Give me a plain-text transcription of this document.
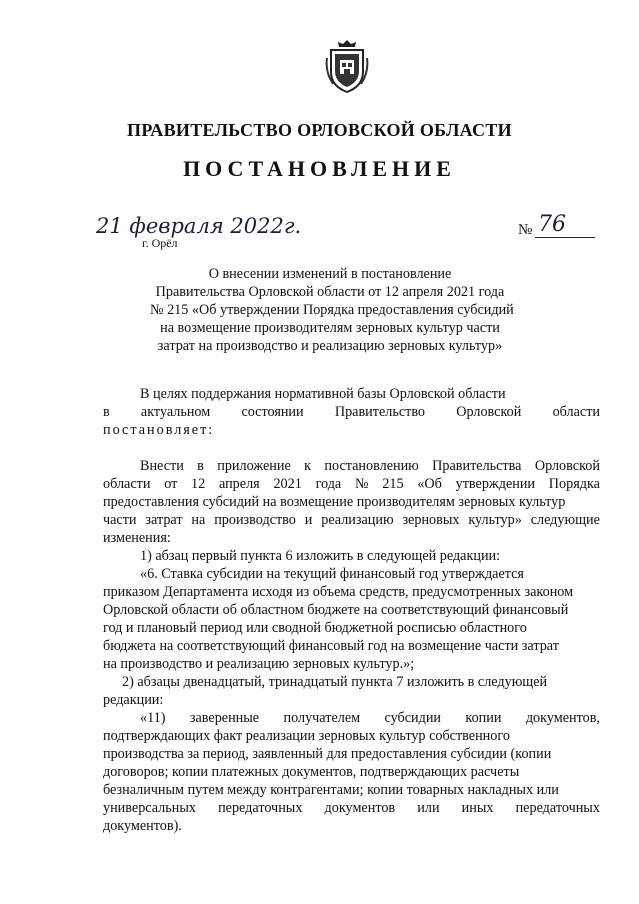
ПРАВИТЕЛЬСТВО ОРЛОВСКОЙ ОБЛАСТИ
ПОСТАНОВЛЕНИЕ
21 февраля 2022г.
г. Орёл
№ 76
О внесении изменений в постановление
Правительства Орловской области от 12 апреля 2021 года
№ 215 «Об утверждении Порядка предоставления субсидий
на возмещение производителям зерновых культур части
затрат на производство и реализацию зерновых культур»
В целях поддержания нормативной базы Орловской области
в актуальном состоянии Правительство Орловской области
постановляет:
Внести в приложение к постановлению Правительства Орловской
области от 12 апреля 2021 года № 215 «Об утверждении Порядка
предоставления субсидий на возмещение производителям зерновых культур
части затрат на производство и реализацию зерновых культур» следующие
изменения:
1) абзац первый пункта 6 изложить в следующей редакции:
«6. Ставка субсидии на текущий финансовый год утверждается
приказом Департамента исходя из объема средств, предусмотренных законом
Орловской области об областном бюджете на соответствующий финансовый
год и плановый период или сводной бюджетной росписью областного
бюджета на соответствующий финансовый год на возмещение части затрат
на производство и реализацию зерновых культур.»;
2) абзацы двенадцатый, тринадцатый пункта 7 изложить в следующей
редакции:
«11) заверенные получателем субсидии копии документов,
подтверждающих факт реализации зерновых культур собственного
производства за период, заявленный для предоставления субсидии (копии
договоров; копии платежных документов, подтверждающих расчеты
безналичным путем между контрагентами; копии товарных накладных или
универсальных передаточных документов или иных передаточных
документов).
